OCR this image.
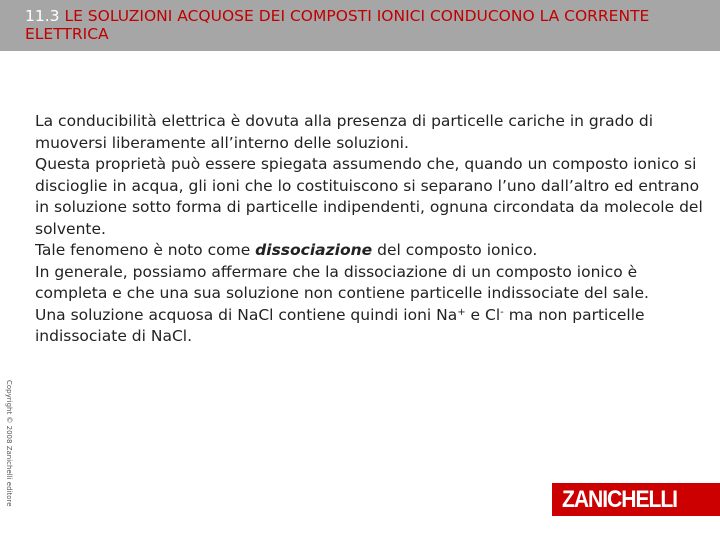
11.3 LE SOLUZIONI ACQUOSE DEI COMPOSTI IONICI CONDUCONO LA CORRENTE ELETTRICA

La conducibilità elettrica è dovuta alla presenza di particelle cariche in grado di muoversi liberamente all’interno delle soluzioni.

Questa proprietà può essere spiegata assumendo che, quando un composto ionico si discioglie in acqua, gli ioni che lo costituiscono si separano l’uno dall’altro ed entrano in soluzione sotto forma di particelle indipendenti, ognuna circondata da molecole del solvente.

Tale fenomeno è noto come dissociazione del composto ionico.

In generale, possiamo affermare che la dissociazione di un composto ionico è completa e che una sua soluzione non contiene particelle indissociate del sale.

Una soluzione acquosa di NaCl contiene quindi ioni Na+ e Cl- ma non particelle indissociate di NaCl.

Copyright © 2008 Zanichelli editore	ZANICHELLI
